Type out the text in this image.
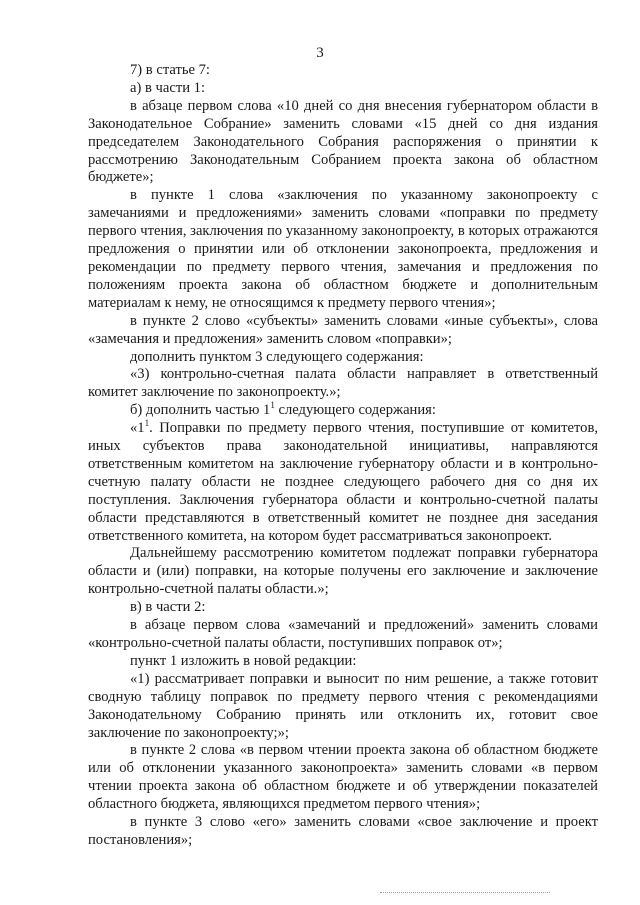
3

7) в статье 7:

а) в части 1:

в абзаце первом слова «10 дней со дня внесения губернатором области в Законодательное Собрание» заменить словами «15 дней со дня издания председателем Законодательного Собрания распоряжения о принятии к рассмотрению Законодательным Собранием проекта закона об областном бюджете»;

в пункте 1 слова «заключения по указанному законопроекту с замечаниями и предложениями» заменить словами «поправки по предмету первого чтения, заключения по указанному законопроекту, в которых отражаются предложения о принятии или об отклонении законопроекта, предложения и рекомендации по предмету первого чтения, замечания и предложения по положениям проекта закона об областном бюджете и дополнительным материалам к нему, не относящимся к предмету первого чтения»;

в пункте 2 слово «субъекты» заменить словами «иные субъекты», слова «замечания и предложения» заменить словом «поправки»;

дополнить пунктом 3 следующего содержания:

«3) контрольно-счетная палата области направляет в ответственный комитет заключение по законопроекту.»;

б) дополнить частью $1^1$ следующего содержания:

«$1^1$. Поправки по предмету первого чтения, поступившие от комитетов, иных субъектов права законодательной инициативы, направляются ответственным комитетом на заключение губернатору области и в контрольно-счетную палату области не позднее следующего рабочего дня со дня их поступления. Заключения губернатора области и контрольно-счетной палаты области представляются в ответственный комитет не позднее дня заседания ответственного комитета, на котором будет рассматриваться законопроект.

Дальнейшему рассмотрению комитетом подлежат поправки губернатора области и (или) поправки, на которые получены его заключение и заключение контрольно-счетной палаты области.»;

в) в части 2:

в абзаце первом слова «замечаний и предложений» заменить словами «контрольно-счетной палаты области, поступивших поправок от»;

пункт 1 изложить в новой редакции:

«1) рассматривает поправки и выносит по ним решение, а также готовит сводную таблицу поправок по предмету первого чтения с рекомендациями Законодательному Собранию принять или отклонить их, готовит свое заключение по законопроекту;»;

в пункте 2 слова «в первом чтении проекта закона об областном бюджете или об отклонении указанного законопроекта» заменить словами «в первом чтении проекта закона об областном бюджете и об утверждении показателей областного бюджета, являющихся предметом первого чтения»;

в пункте 3 слово «его» заменить словами «свое заключение и проект постановления»;
